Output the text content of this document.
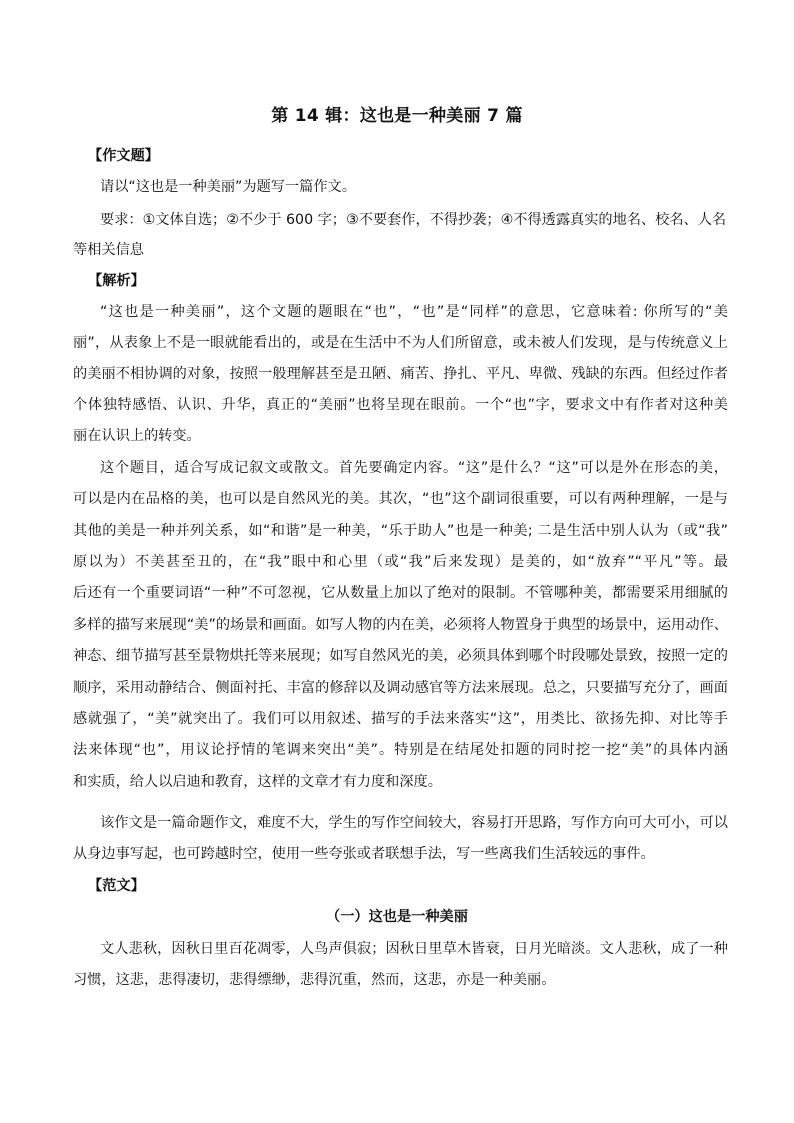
第 14 辑：这也是一种美丽 7 篇
【作文题】
请以“这也是一种美丽”为题写一篇作文。
要求：①文体自选；②不少于 600 字；③不要套作，不得抄袭；④不得透露真实的地名、校名、人名
等相关信息
【解析】
“这也是一种美丽”，这个文题的题眼在“也”，“也”是“同样”的意思，它意味着: 你所写的“美
丽”，从表象上不是一眼就能看出的，或是在生活中不为人们所留意，或未被人们发现，是与传统意义上
的美丽不相协调的对象，按照一般理解甚至是丑陋、痛苦、挣扎、平凡、卑微、残缺的东西。但经过作者
个体独特感悟、认识、升华，真正的“美丽”也将呈现在眼前。一个“也”字，要求文中有作者对这种美
丽在认识上的转变。
这个题目，适合写成记叙文或散文。首先要确定内容。“这”是什么？“这”可以是外在形态的美，
可以是内在品格的美，也可以是自然风光的美。其次，“也”这个副词很重要，可以有两种理解，一是与
其他的美是一种并列关系，如“和谐”是一种美，“乐于助人”也是一种美; 二是生活中别人认为（或“我”
原以为）不美甚至丑的，在“我”眼中和心里（或“我”后来发现）是美的，如“放弃”“平凡”等。最
后还有一个重要词语“一种”不可忽视，它从数量上加以了绝对的限制。不管哪种美，都需要采用细腻的
多样的描写来展现“美”的场景和画面。如写人物的内在美，必须将人物置身于典型的场景中，运用动作、
神态、细节描写甚至景物烘托等来展现；如写自然风光的美，必须具体到哪个时段哪处景致，按照一定的
顺序，采用动静结合、侧面衬托、丰富的修辞以及调动感官等方法来展现。总之，只要描写充分了，画面
感就强了，“美”就突出了。我们可以用叙述、描写的手法来落实“这”，用类比、欲扬先抑、对比等手
法来体现“也”，用议论抒情的笔调来突出“美”。特别是在结尾处扣题的同时挖一挖“美”的具体内涵
和实质，给人以启迪和教育，这样的文章才有力度和深度。
该作文是一篇命题作文，难度不大，学生的写作空间较大，容易打开思路，写作方向可大可小，可以
从身边事写起，也可跨越时空，使用一些夸张或者联想手法，写一些离我们生活较远的事件。
【范文】
（一）这也是一种美丽
文人悲秋，因秋日里百花凋零，人鸟声俱寂；因秋日里草木皆衰，日月光暗淡。文人悲秋，成了一种
习惯，这悲，悲得凄切，悲得缥缈，悲得沉重，然而，这悲，亦是一种美丽。
